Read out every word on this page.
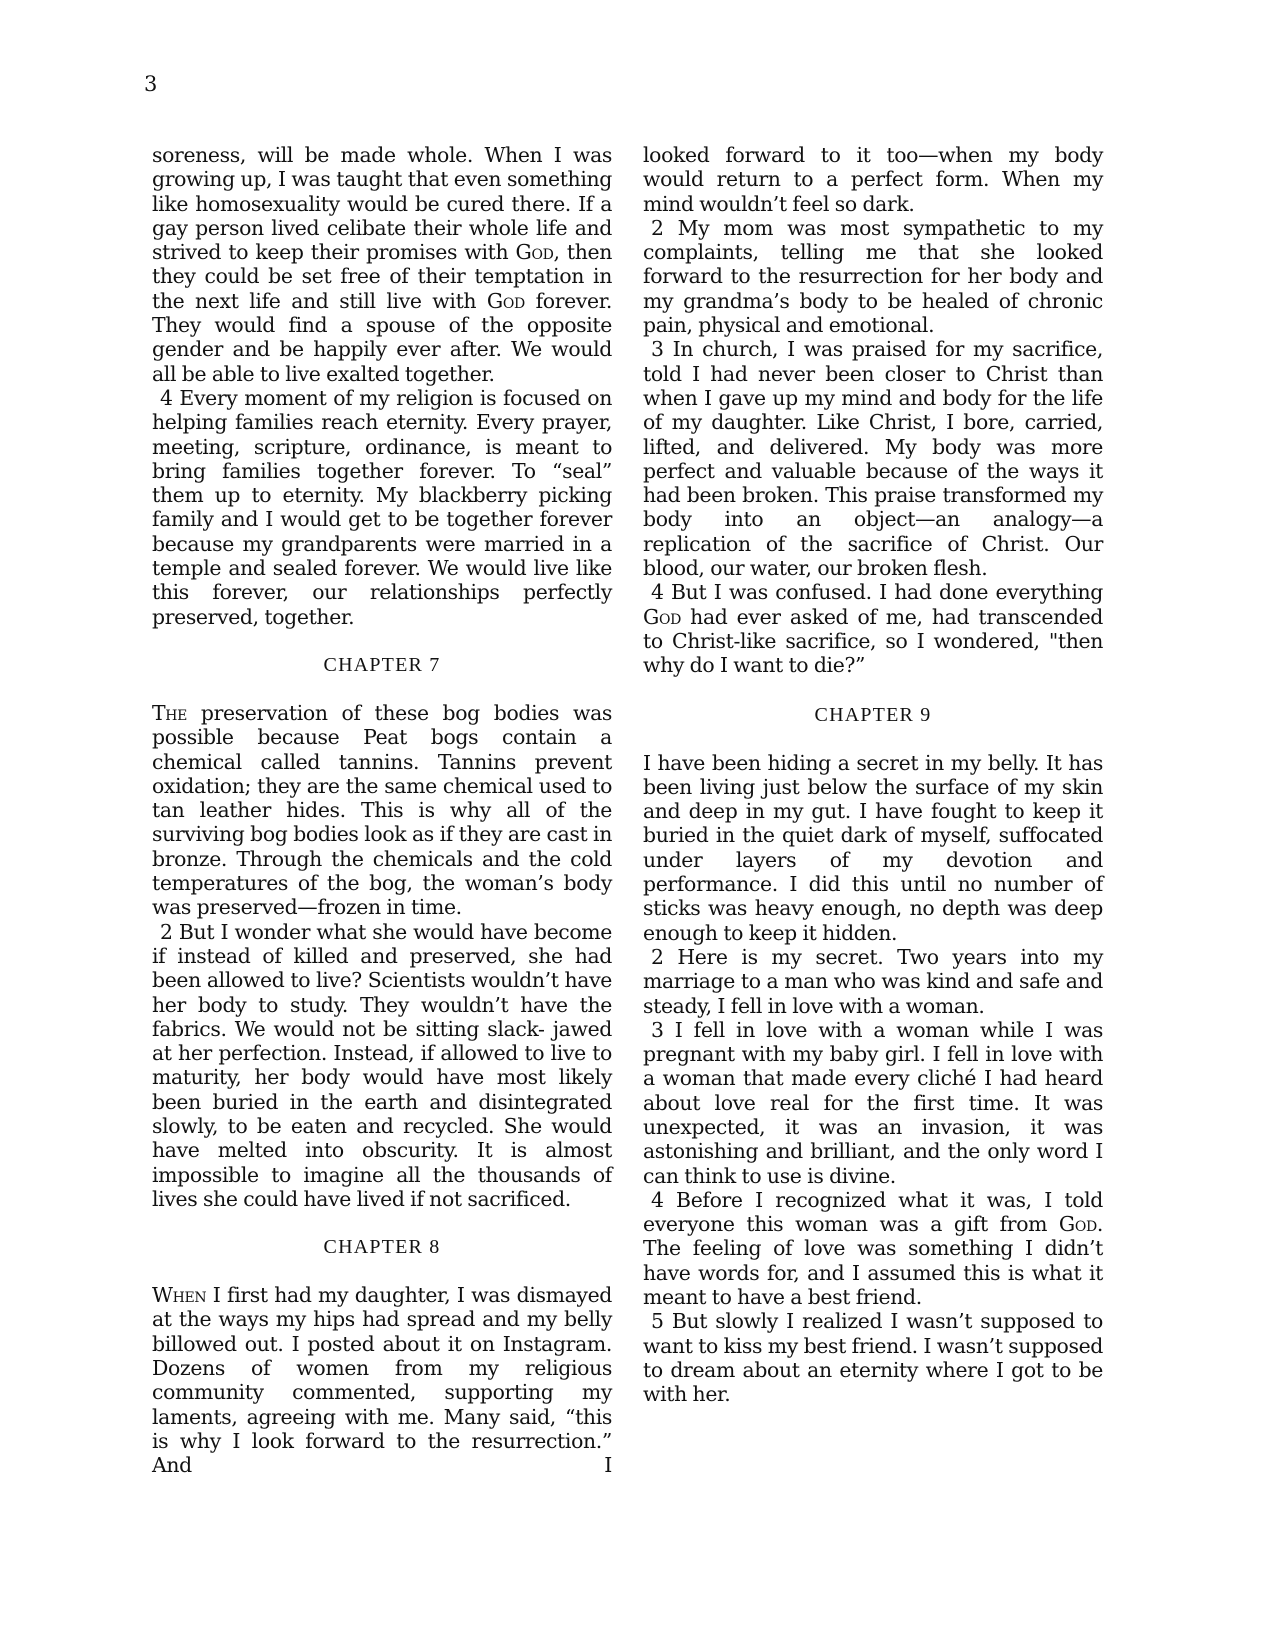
3

soreness, will be made whole. When I was growing up, I was taught that even something like homosexuality would be cured there. If a gay person lived celibate their whole life and strived to keep their promises with God, then they could be set free of their temptation in the next life and still live with God forever. They would find a spouse of the opposite gender and be happily ever after. We would all be able to live exalted together.

4 Every moment of my religion is focused on helping families reach eternity. Every prayer, meeting, scripture, ordinance, is meant to bring families together forever. To “seal” them up to eternity. My blackberry picking family and I would get to be together forever because my grandparents were married in a temple and sealed forever. We would live like this forever, our relationships perfectly preserved, together.

CHAPTER 7

The preservation of these bog bodies was possible because Peat bogs contain a chemical called tannins. Tannins prevent oxidation; they are the same chemical used to tan leather hides. This is why all of the surviving bog bodies look as if they are cast in bronze. Through the chemicals and the cold temperatures of the bog, the woman’s body was preserved—frozen in time.

2 But I wonder what she would have become if instead of killed and preserved, she had been allowed to live? Scientists wouldn’t have her body to study. They wouldn’t have the fabrics. We would not be sitting slack- jawed at her perfection. Instead, if allowed to live to maturity, her body would have most likely been buried in the earth and disintegrated slowly, to be eaten and recycled. She would have melted into obscurity. It is almost impossible to imagine all the thousands of lives she could have lived if not sacrificed.

CHAPTER 8

When I first had my daughter, I was dismayed at the ways my hips had spread and my belly billowed out. I posted about it on Instagram. Dozens of women from my religious community commented, supporting my laments, agreeing with me. Many said, “this is why I look forward to the resurrection.” And I

looked forward to it too—when my body would return to a perfect form. When my mind wouldn’t feel so dark.

2 My mom was most sympathetic to my complaints, telling me that she looked forward to the resurrection for her body and my grandma’s body to be healed of chronic pain, physical and emotional.

3 In church, I was praised for my sacrifice, told I had never been closer to Christ than when I gave up my mind and body for the life of my daughter. Like Christ, I bore, carried, lifted, and delivered. My body was more perfect and valuable because of the ways it had been broken. This praise transformed my body into an object—an analogy—a replication of the sacrifice of Christ. Our blood, our water, our broken flesh.

4 But I was confused. I had done everything God had ever asked of me, had transcended to Christ-like sacrifice, so I wondered, "then why do I want to die?”

CHAPTER 9

I have been hiding a secret in my belly. It has been living just below the surface of my skin and deep in my gut. I have fought to keep it buried in the quiet dark of myself, suffocated under layers of my devotion and performance. I did this until no number of sticks was heavy enough, no depth was deep enough to keep it hidden.

2 Here is my secret. Two years into my marriage to a man who was kind and safe and steady, I fell in love with a woman.

3 I fell in love with a woman while I was pregnant with my baby girl. I fell in love with a woman that made every cliché I had heard about love real for the first time. It was unexpected, it was an invasion, it was astonishing and brilliant, and the only word I can think to use is divine.

4 Before I recognized what it was, I told everyone this woman was a gift from God. The feeling of love was something I didn’t have words for, and I assumed this is what it meant to have a best friend.

5 But slowly I realized I wasn’t supposed to want to kiss my best friend. I wasn’t supposed to dream about an eternity where I got to be with her.
